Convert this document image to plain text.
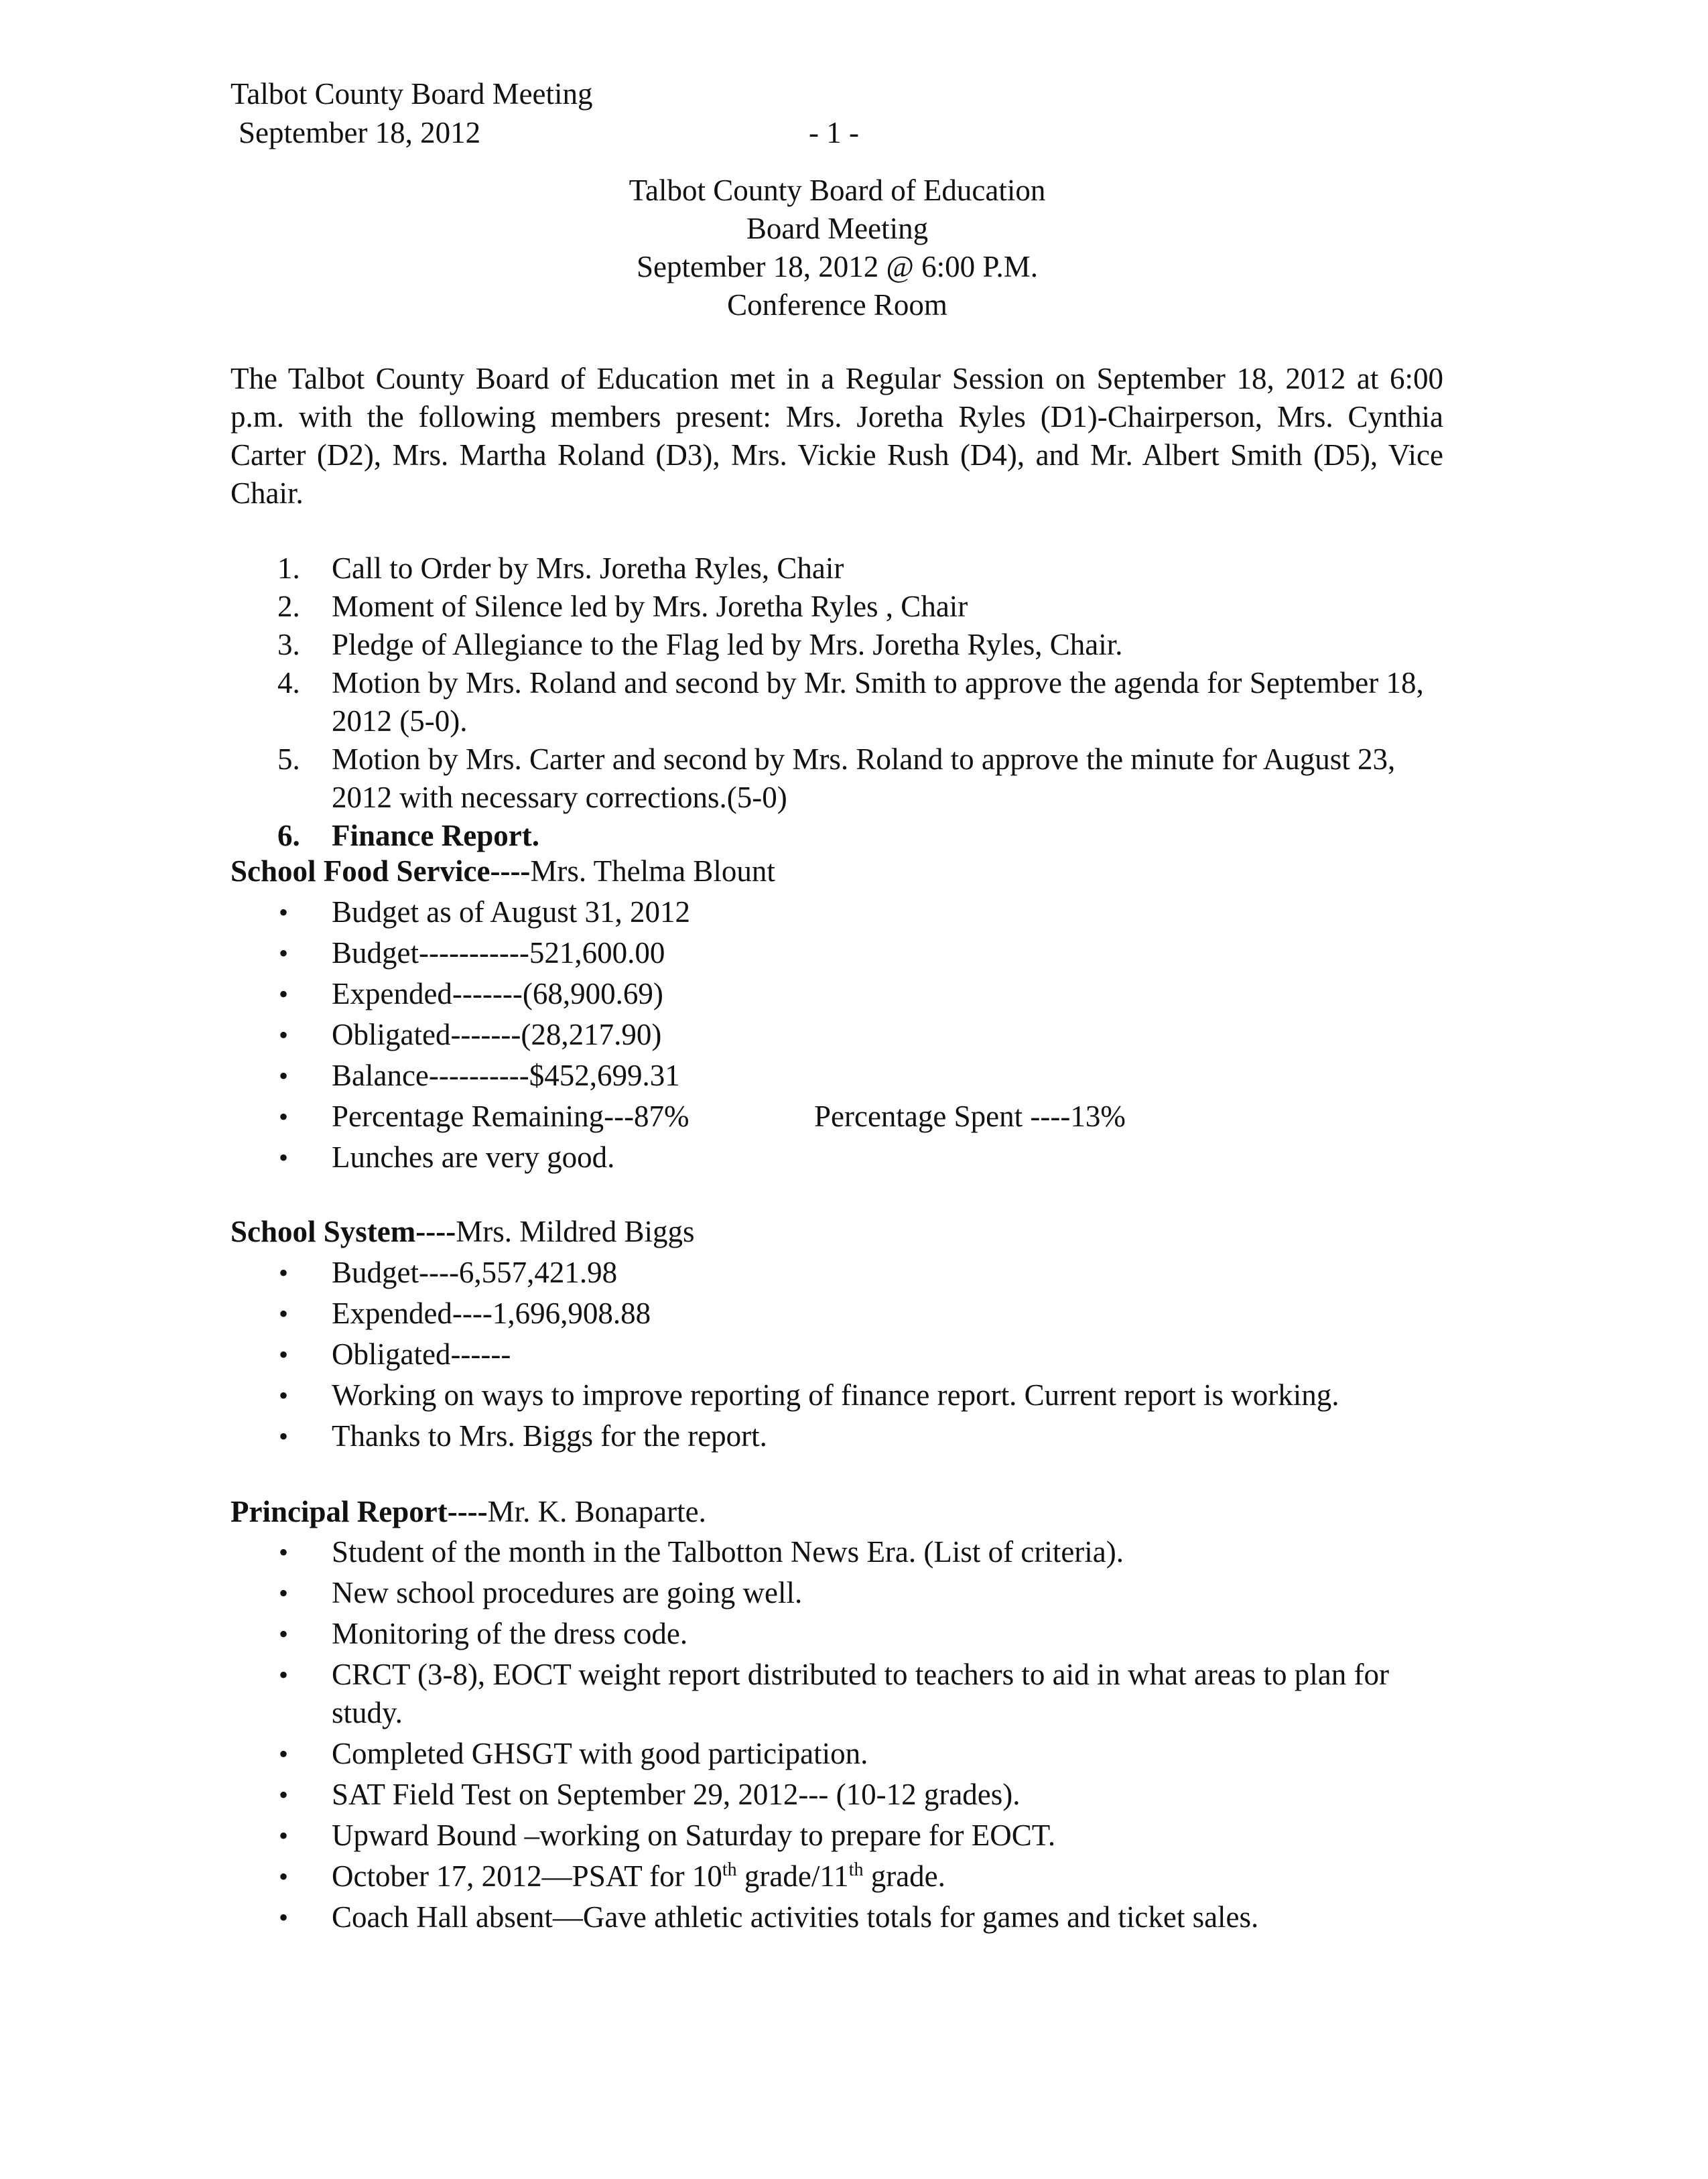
Talbot County Board Meeting
September 18, 2012	- 1 -
Talbot County Board of Education
Board Meeting
September 18, 2012 @ 6:00 P.M.
Conference Room
The Talbot County Board of Education met in a Regular Session on September 18, 2012 at 6:00 p.m. with the following members present: Mrs. Joretha Ryles (D1)-Chairperson, Mrs. Cynthia Carter (D2), Mrs. Martha Roland (D3), Mrs. Vickie Rush (D4), and Mr. Albert Smith (D5), Vice Chair.
1.	Call to Order by Mrs. Joretha Ryles, Chair
2.	Moment of Silence led by Mrs. Joretha Ryles , Chair
3.	Pledge of Allegiance to the Flag led by Mrs. Joretha Ryles, Chair.
4.	Motion by Mrs. Roland and second by Mr. Smith to approve the agenda for September 18, 2012 (5-0).
5.	Motion by Mrs. Carter and second by Mrs. Roland to approve the minute for August 23, 2012 with necessary corrections.(5-0)
6.	Finance Report.
School Food Service----Mrs. Thelma Blount
• Budget as of August 31, 2012
• Budget-----------521,600.00
• Expended-------(68,900.69)
• Obligated-------(28,217.90)
• Balance----------$452,699.31
• Percentage Remaining---87%	Percentage Spent ----13%
• Lunches are very good.
School System----Mrs. Mildred Biggs
• Budget----6,557,421.98
• Expended----1,696,908.88
• Obligated------
• Working on ways to improve reporting of finance report. Current report is working.
• Thanks to Mrs. Biggs for the report.
Principal Report----Mr. K. Bonaparte.
• Student of the month in the Talbotton News Era. (List of criteria).
• New school procedures are going well.
• Monitoring of the dress code.
• CRCT (3-8), EOCT weight report distributed to teachers to aid in what areas to plan for study.
• Completed GHSGT with good participation.
• SAT Field Test on September 29, 2012--- (10-12 grades).
• Upward Bound –working on Saturday to prepare for EOCT.
• October 17, 2012—PSAT for 10th grade/11th grade.
• Coach Hall absent—Gave athletic activities totals for games and ticket sales.
